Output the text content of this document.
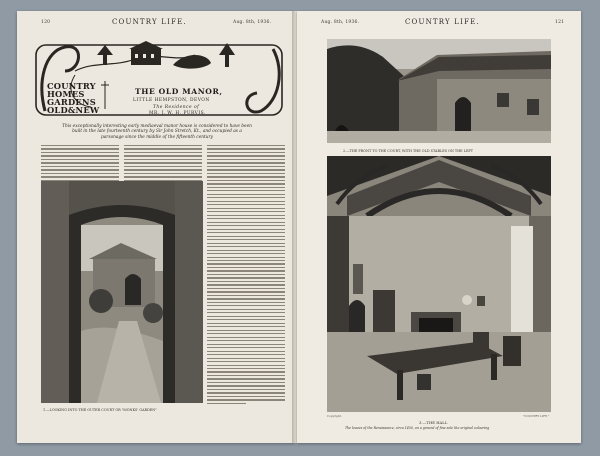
120	COUNTRY LIFE.	Aug. 8th, 1936.
COUNTRY
HOMES
GARDENS
OLD&NEW
THE OLD MANOR,
LITTLE HEMPSTON, DEVON
The Residence of
MR. J. W. H. PURVIS.
This exceptionally interesting early mediaeval manor house is considered to have been
built in the late fourteenth century by Sir John Stretch, Kt., and occupied as a
parsonage since the middle of the fifteenth century
1.—LOOKING INTO THE OUTER COURT OR "MONKS' GARDEN"
Aug. 8th, 1936.	COUNTRY LIFE.	121
2.—THE FRONT TO THE COURT, WITH THE OLD STABLES ON THE LEFT
Copyright.	"COUNTRY LIFE."
3.—THE HALL
The leaves of the Renaissance, circa 1450, on a ground of fine sole the original colouring
